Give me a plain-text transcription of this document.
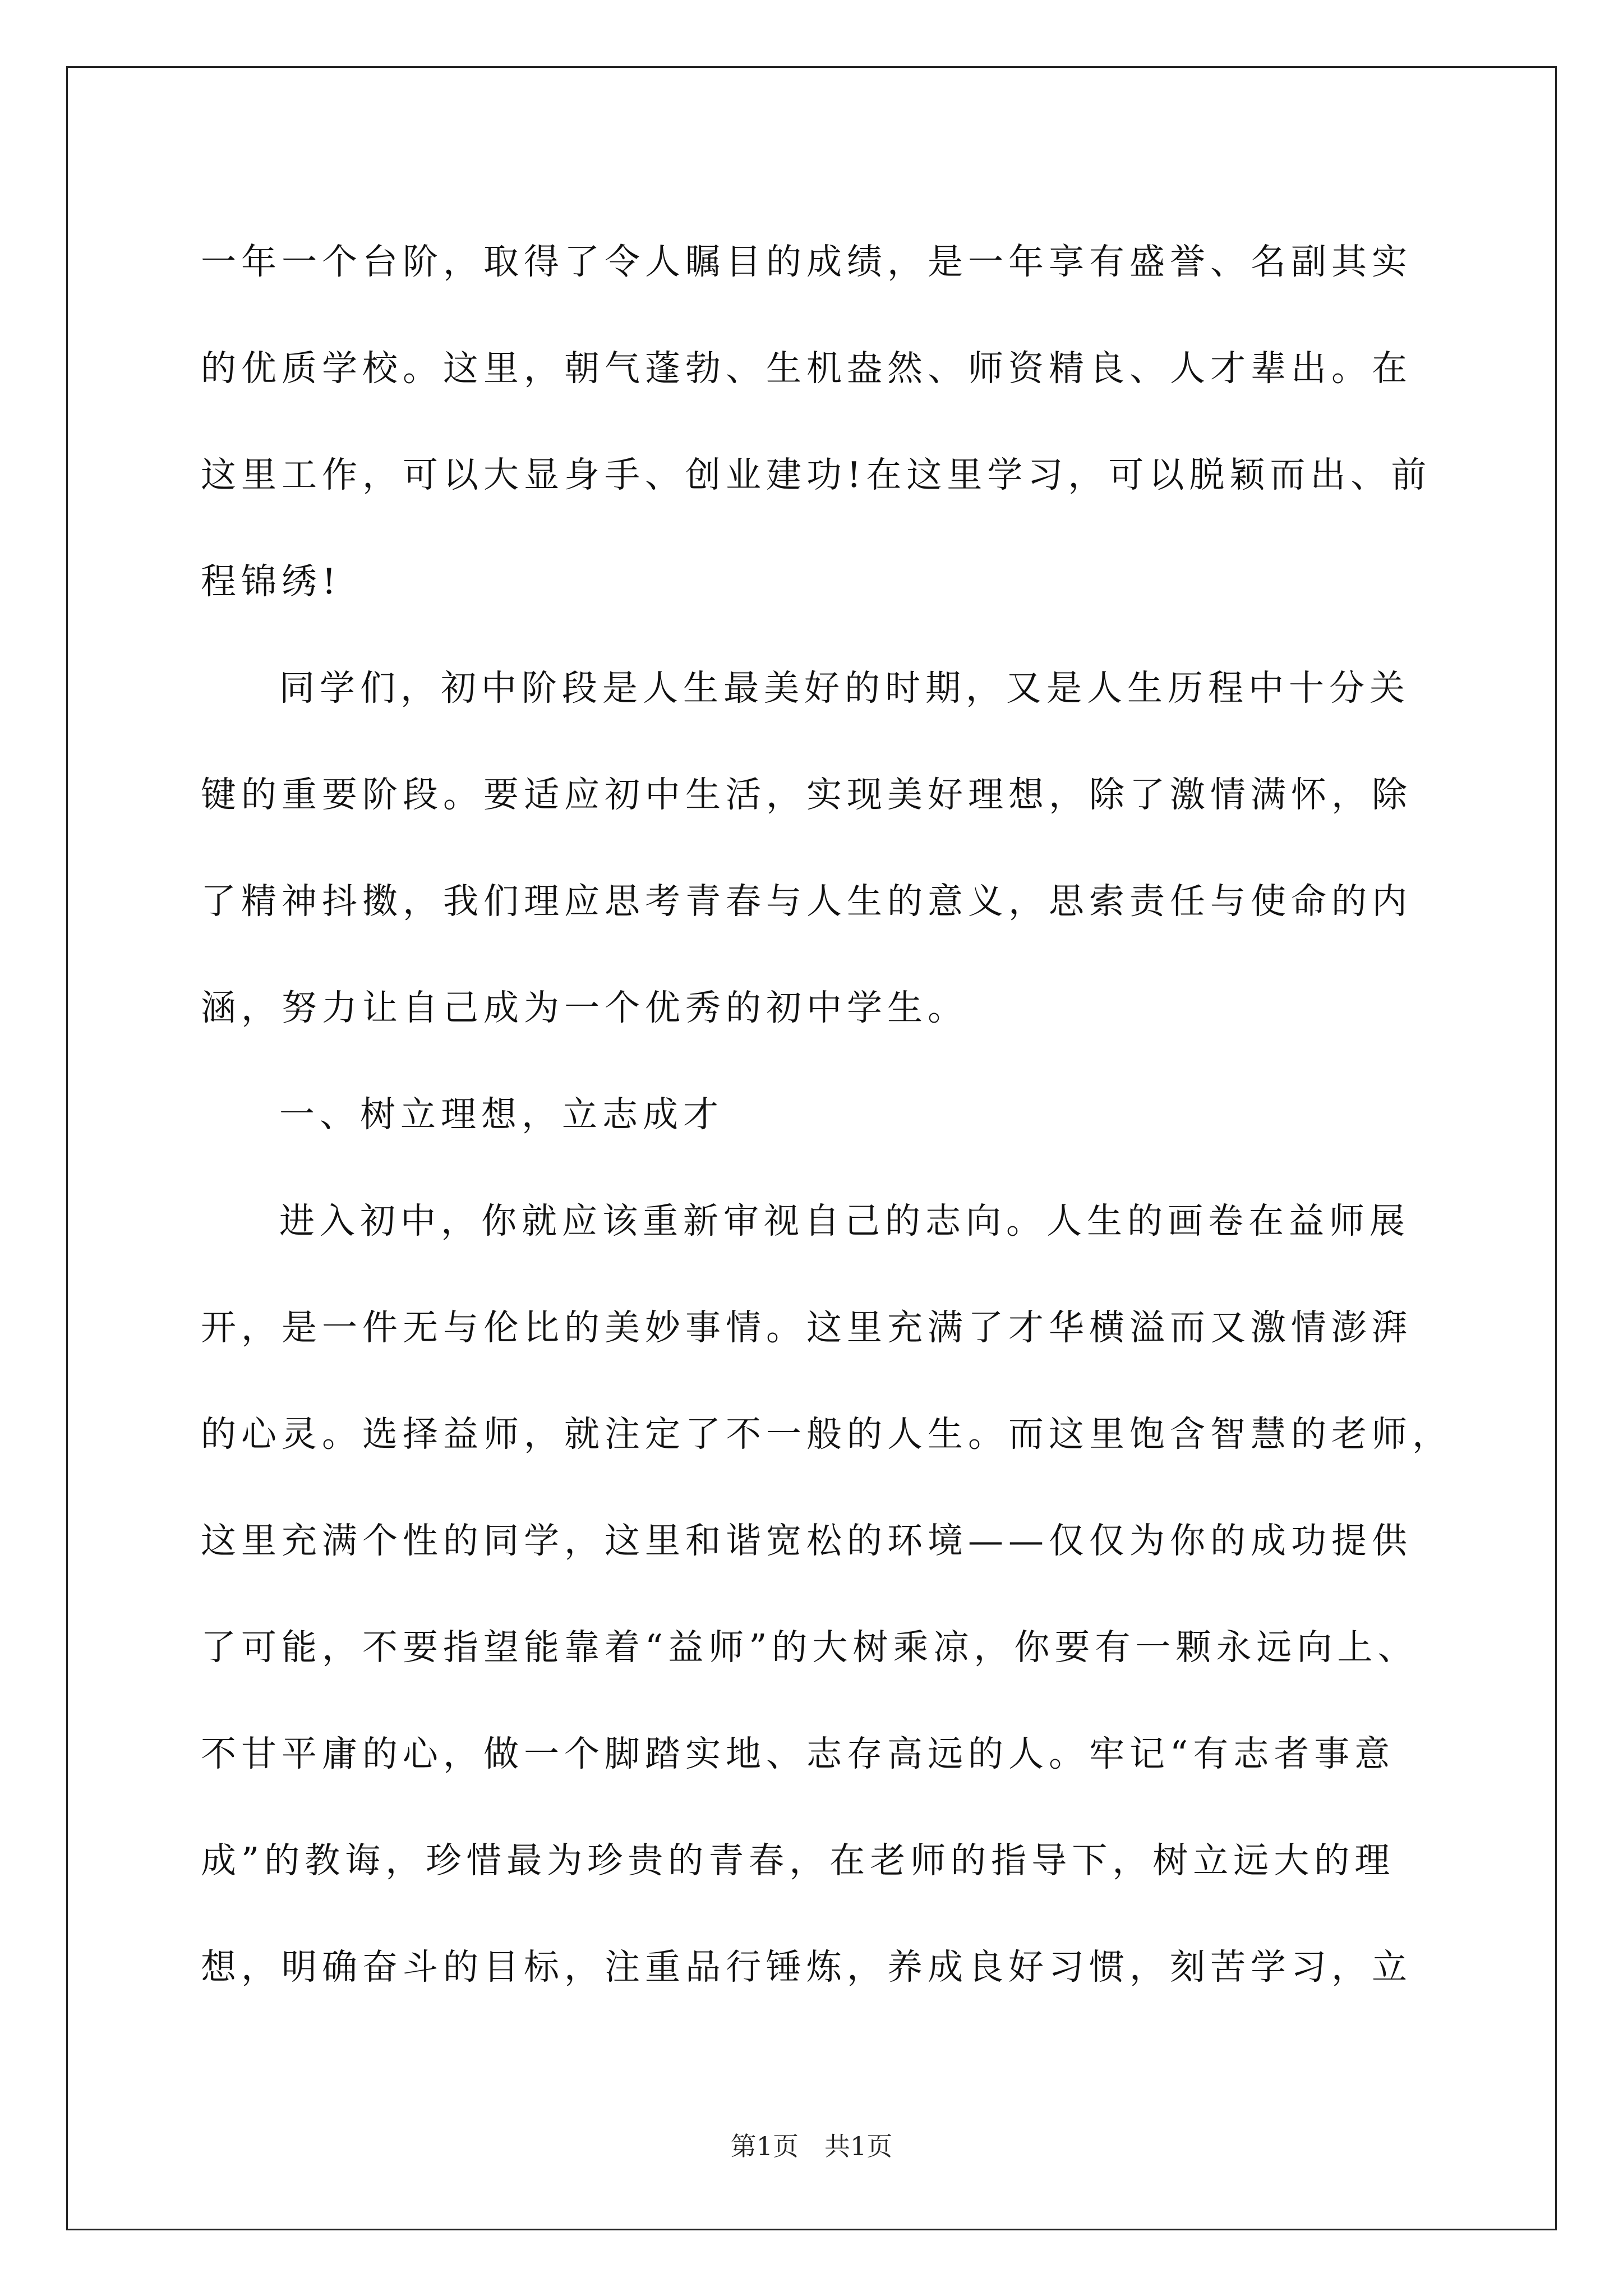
一年一个台阶，取得了令人瞩目的成绩，是一年享有盛誉、名副其实
的优质学校。这里，朝气蓬勃、生机盎然、师资精良、人才辈出。在
这里工作，可以大显身手、创业建功!在这里学习，可以脱颖而出、前
程锦绣!
同学们，初中阶段是人生最美好的时期，又是人生历程中十分关
键的重要阶段。要适应初中生活，实现美好理想，除了激情满怀，除
了精神抖擞，我们理应思考青春与人生的意义，思索责任与使命的内
涵，努力让自己成为一个优秀的初中学生。
一、树立理想，立志成才
进入初中，你就应该重新审视自己的志向。人生的画卷在益师展
开，是一件无与伦比的美妙事情。这里充满了才华横溢而又激情澎湃
的心灵。选择益师，就注定了不一般的人生。而这里饱含智慧的老师，
这里充满个性的同学，这里和谐宽松的环境——仅仅为你的成功提供
了可能，不要指望能靠着“益师”的大树乘凉，你要有一颗永远向上、
不甘平庸的心，做一个脚踏实地、志存高远的人。牢记“有志者事意
成”的教诲，珍惜最为珍贵的青春，在老师的指导下，树立远大的理
想，明确奋斗的目标，注重品行锤炼，养成良好习惯，刻苦学习，立
第1页 共1页
